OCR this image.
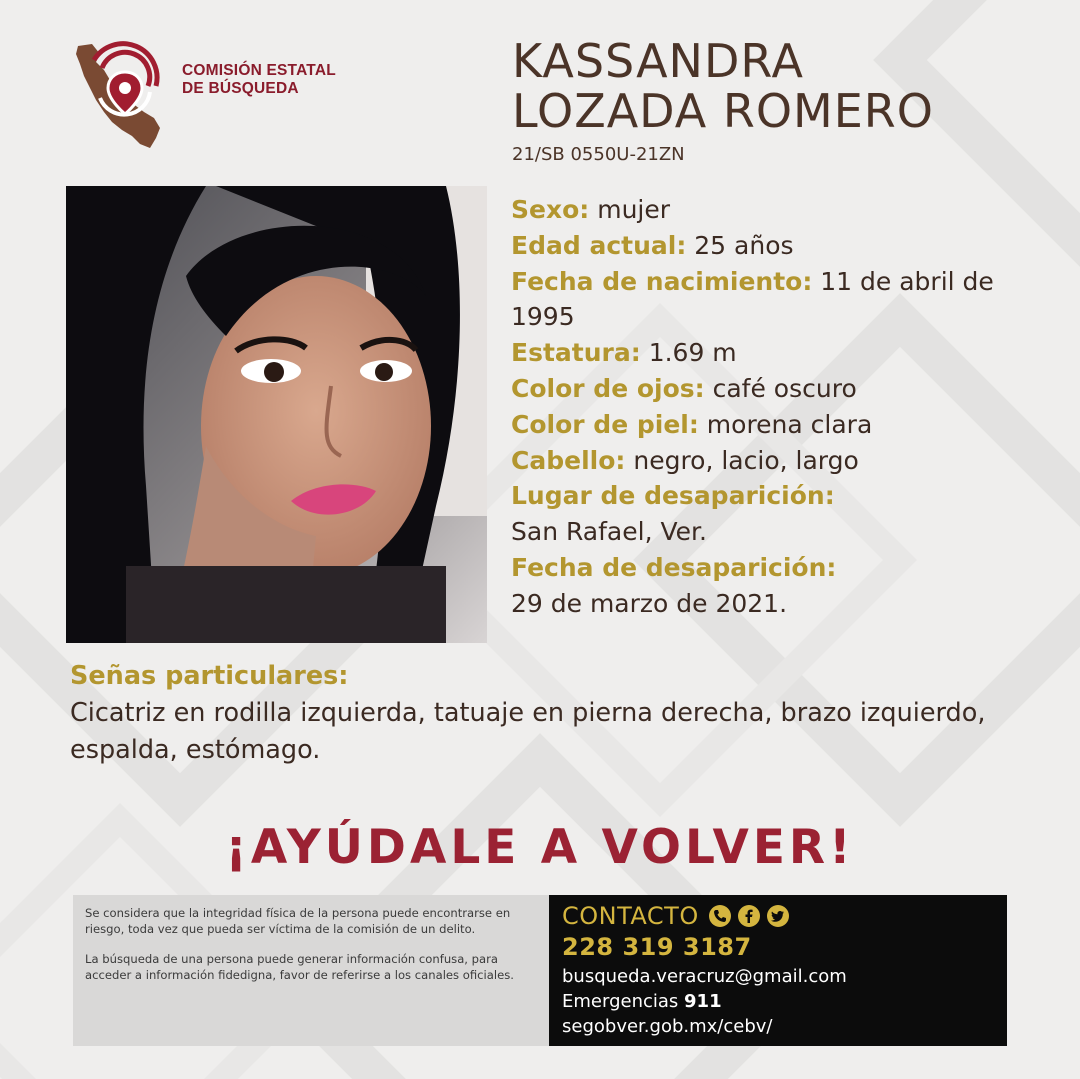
COMISIÓN ESTATAL
DE BÚSQUEDA
KASSANDRA
LOZADA ROMERO
21/SB 0550U-21ZN
Sexo: mujer
Edad actual: 25 años
Fecha de nacimiento: 11 de abril de 1995
Estatura: 1.69 m
Color de ojos: café oscuro
Color de piel: morena clara
Cabello: negro, lacio, largo
Lugar de desaparición:
San Rafael, Ver.
Fecha de desaparición:
29 de marzo de 2021.
Señas particulares:
Cicatriz en rodilla izquierda, tatuaje en pierna derecha, brazo izquierdo, espalda, estómago.
¡AYÚDALE A VOLVER!

Se considera que la integridad física de la persona puede encontrarse en riesgo, toda vez que pueda ser víctima de la comisión de un delito.

La búsqueda de una persona puede generar información confusa, para acceder a información fidedigna, favor de referirse a los canales oficiales.

CONTACTO
228 319 3187
busqueda.veracruz@gmail.com
Emergencias 911
segobver.gob.mx/cebv/
